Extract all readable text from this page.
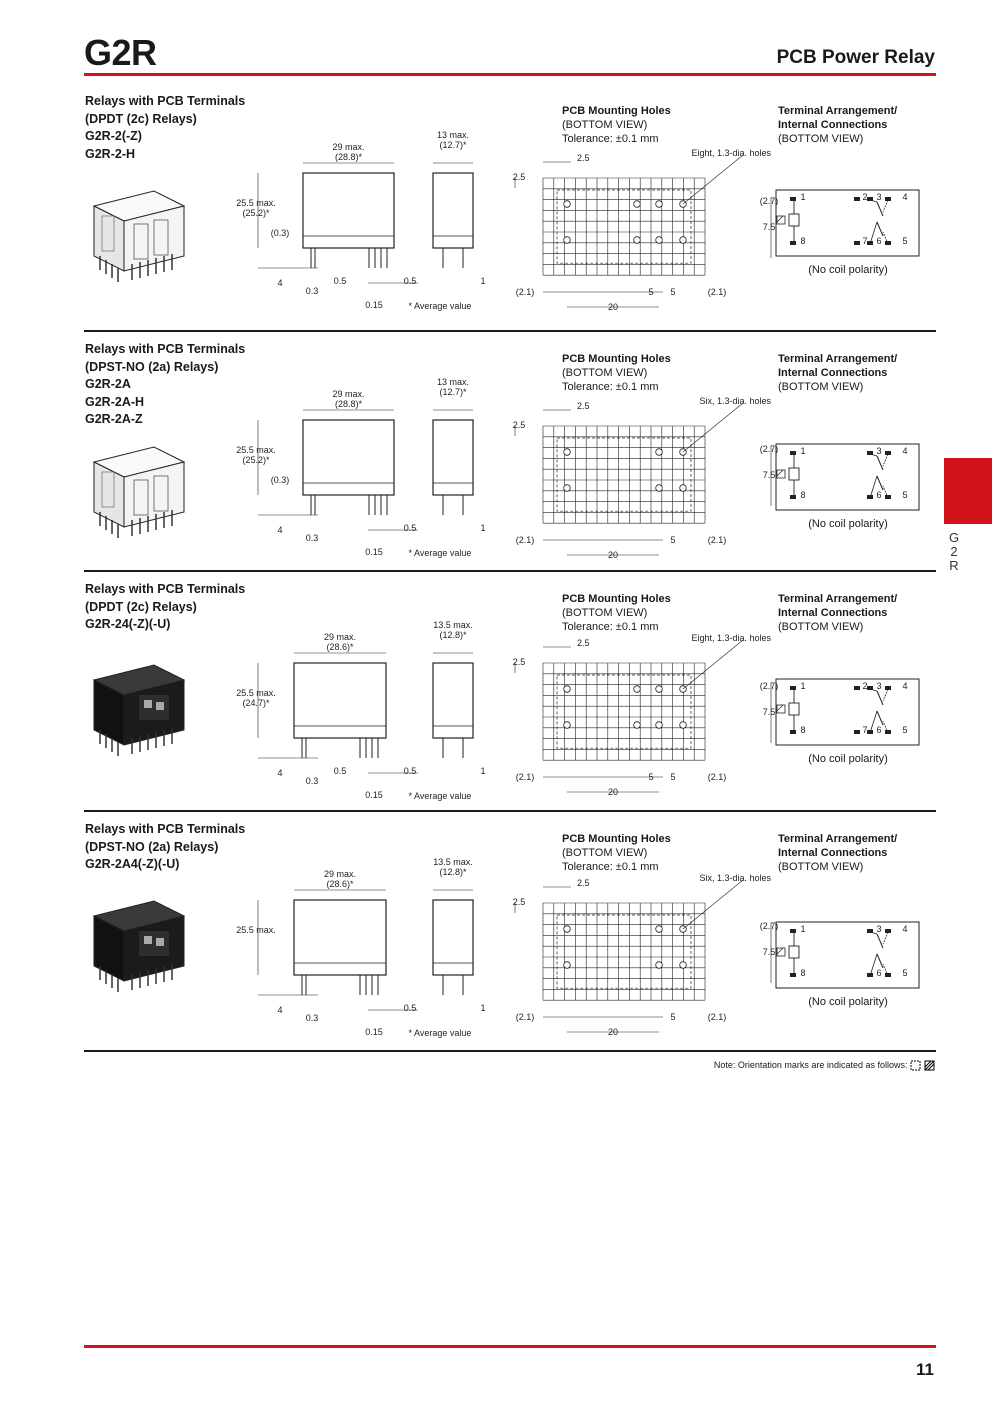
G2R	PCB Power Relay
G
2
R
Relays with PCB Terminals
(DPDT (2c) Relays)
G2R-2(-Z)
G2R-2-H
PCB Mounting Holes
(BOTTOM VIEW)
Tolerance: ±0.1 mm
Terminal Arrangement/
Internal Connections
(BOTTOM VIEW)
Relays with PCB Terminals
(DPST-NO (2a) Relays)
G2R-2A
G2R-2A-H
G2R-2A-Z
PCB Mounting Holes
(BOTTOM VIEW)
Tolerance: ±0.1 mm
Terminal Arrangement/
Internal Connections
(BOTTOM VIEW)
Relays with PCB Terminals
(DPDT (2c) Relays)
G2R-24(-Z)(-U)
PCB Mounting Holes
(BOTTOM VIEW)
Tolerance: ±0.1 mm
Terminal Arrangement/
Internal Connections
(BOTTOM VIEW)
Relays with PCB Terminals
(DPST-NO (2a) Relays)
G2R-2A4(-Z)(-U)
PCB Mounting Holes
(BOTTOM VIEW)
Tolerance: ±0.1 mm
Terminal Arrangement/
Internal Connections
(BOTTOM VIEW)
Note: Orientation marks are indicated as follows:
11
29 max.
(28.8)*
13 max.
(12.7)*
25.5 max.
(25.2)*
(0.3)
4
0.3
0.5	0.5
0.15
1
* Average value
2.5
2.5
Eight, 1.3-dia. holes
(2.7)
7.5
(2.1)	5 5	(2.1)
20
1	2 3 4
8	7 6 5
(No coil polarity)
29 max.
(28.8)*
13 max.
(12.7)*
25.5 max.
(25.2)*
(0.3)
4
0.3
0.5
0.15
1
* Average value
2.5
2.5
Six, 1.3-dia. holes
(2.7)
7.5
(2.1)	5	(2.1)
20
1	3 4
8	6 5
(No coil polarity)
29 max.
(28.6)*
13.5 max.
(12.8)*
25.5 max.
(24.7)*
4
0.3
0.5	0.5
0.15
1
* Average value
2.5
2.5
Eight, 1.3-dia. holes
(2.7)
7.5
(2.1)	5 5	(2.1)
20
1	2 3 4
8	7 6 5
(No coil polarity)
29 max.
(28.6)*
13.5 max.
(12.8)*
25.5 max.
4
0.3
0.5
0.15
1
* Average value
2.5
2.5
Six, 1.3-dia. holes
(2.7)
7.5
(2.1)	5	(2.1)
20
1	3 4
8	6 5
(No coil polarity)
